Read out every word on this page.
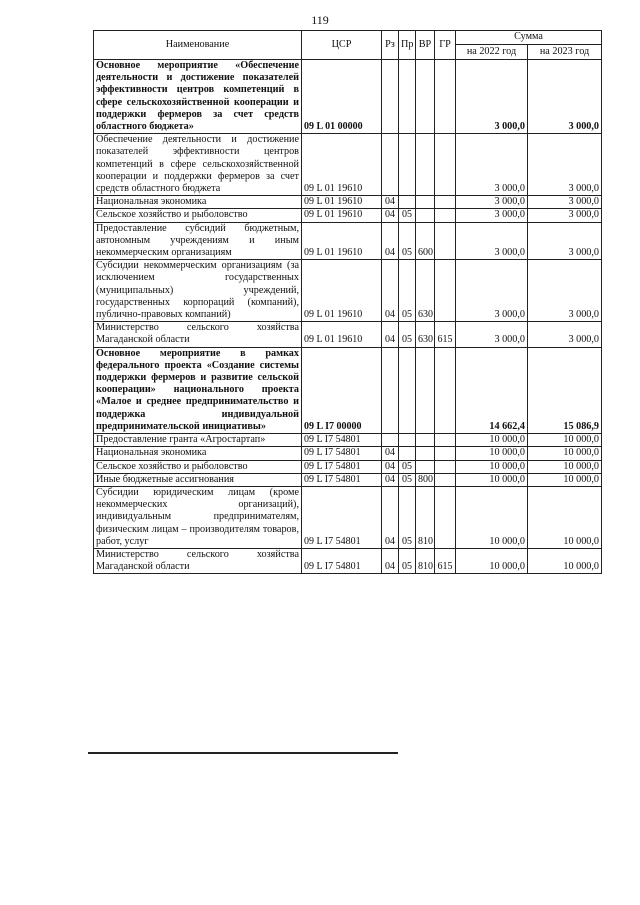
119
Наименование	ЦСР	Рз	Пр	ВР	ГР	Сумма	
						на 2022 год	на 2023 год
Основное мероприятие «Обеспечение деятельности и достижение показателей эффективности центров компетенций в сфере сельскохозяйственной кооперации и поддержки фермеров за счет средств областного бюджета»	09 L 01 00000					3 000,0	3 000,0
Обеспечение деятельности и достижение показателей эффективности центров компетенций в сфере сельскохозяйственной кооперации и поддержки фермеров за счет средств областного бюджета	09 L 01 19610					3 000,0	3 000,0
Национальная экономика	09 L 01 19610	04				3 000,0	3 000,0
Сельское хозяйство и рыболовство	09 L 01 19610	04	05			3 000,0	3 000,0
Предоставление субсидий бюджетным, автономным учреждениям и иным некоммерческим организациям	09 L 01 19610	04	05	600		3 000,0	3 000,0
Субсидии некоммерческим организациям (за исключением государственных (муниципальных) учреждений, государственных корпораций (компаний), публично-правовых компаний)	09 L 01 19610	04	05	630		3 000,0	3 000,0
Министерство сельского хозяйства Магаданской области	09 L 01 19610	04	05	630	615	3 000,0	3 000,0
Основное мероприятие в рамках федерального проекта «Создание системы поддержки фермеров и развитие сельской кооперации» национального проекта «Малое и среднее предпринимательство и поддержка индивидуальной предпринимательской инициативы»	09 L I7 00000					14 662,4	15 086,9
Предоставление гранта «Агростартап»	09 L I7 54801					10 000,0	10 000,0
Национальная экономика	09 L I7 54801	04				10 000,0	10 000,0
Сельское хозяйство и рыболовство	09 L I7 54801	04	05			10 000,0	10 000,0
Иные бюджетные ассигнования	09 L I7 54801	04	05	800		10 000,0	10 000,0
Субсидии юридическим лицам (кроме некоммерческих организаций), индивидуальным предпринимателям, физическим лицам – производителям товаров, работ, услуг	09 L I7 54801	04	05	810		10 000,0	10 000,0
Министерство сельского хозяйства Магаданской области	09 L I7 54801	04	05	810	615	10 000,0	10 000,0
